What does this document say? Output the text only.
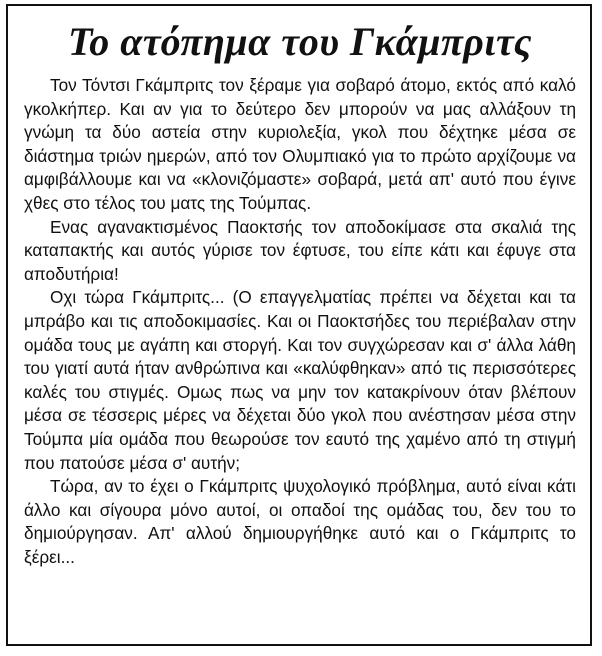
Το ατόπημα του Γκάμπριτς

Τον Τόντσι Γκάμπριτς τον ξέραμε για σοβαρό άτομο, εκτός από καλό γκολκήπερ. Και αν για το δεύτερο δεν μπορούν να μας αλλάξουν τη γνώμη τα δύο αστεία στην κυριολεξία, γκολ που δέχτηκε μέσα σε διάστημα τριών ημερών, από τον Ολυμπιακό για το πρώτο αρχίζουμε να αμφιβάλλουμε και να «κλονιζόμαστε» σοβαρά, μετά απ' αυτό που έγινε χθες στο τέλος του ματς της Τούμπας.

Ενας αγανακτισμένος Παοκτσής τον αποδοκίμασε στα σκαλιά της καταπακτής και αυτός γύρισε τον έφτυσε, του είπε κάτι και έφυγε στα αποδυτήρια!

Οχι τώρα Γκάμπριτς... (Ο επαγγελματίας πρέπει να δέχεται και τα μπράβο και τις αποδοκιμασίες. Και οι Παοκτσήδες του περιέβαλαν στην ομάδα τους με αγάπη και στοργή. Και τον συγχώρεσαν και σ' άλλα λάθη του γιατί αυτά ήταν ανθρώπινα και «καλύφθηκαν» από τις περισσότερες καλές του στιγμές. Ομως πως να μην τον κατακρίνουν όταν βλέπουν μέσα σε τέσσερις μέρες να δέχεται δύο γκολ που ανέστησαν μέσα στην Τούμπα μία ομάδα που θεωρούσε τον εαυτό της χαμένο από τη στιγμή που πατούσε μέσα σ' αυτήν;

Τώρα, αν το έχει ο Γκάμπριτς ψυχολογικό πρόβλημα, αυτό είναι κάτι άλλο και σίγουρα μόνο αυτοί, οι οπαδοί της ομάδας του, δεν του το δημιούργησαν. Απ' αλλού δημιουργήθηκε αυτό και ο Γκάμπριτς το ξέρει...
